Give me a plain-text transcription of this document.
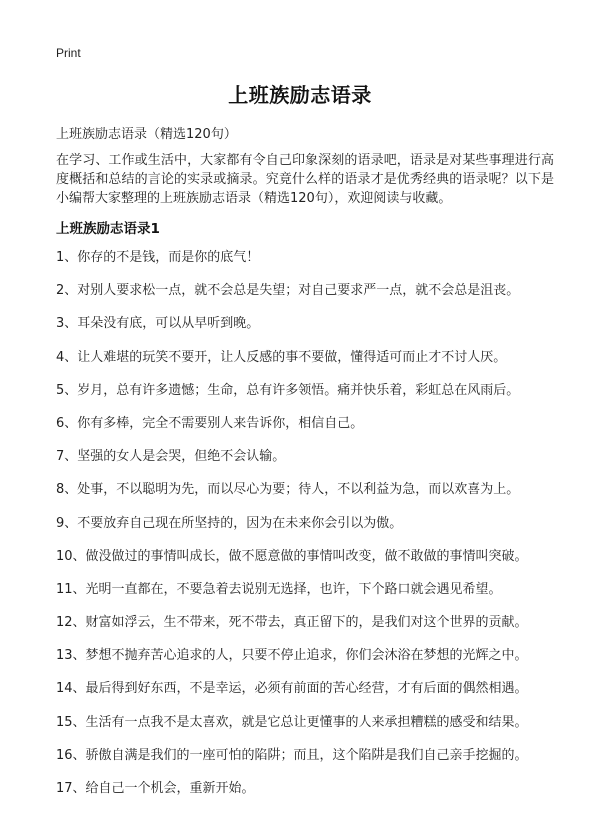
Print
上班族励志语录
上班族励志语录（精选120句）
在学习、工作或生活中，大家都有令自己印象深刻的语录吧，语录是对某些事理进行高度概括和总结的言论的实录或摘录。究竟什么样的语录才是优秀经典的语录呢？以下是小编帮大家整理的上班族励志语录（精选120句），欢迎阅读与收藏。
上班族励志语录1
1、你存的不是钱，而是你的底气！
2、对别人要求松一点，就不会总是失望；对自己要求严一点，就不会总是沮丧。
3、耳朵没有底，可以从早听到晚。
4、让人难堪的玩笑不要开，让人反感的事不要做，懂得适可而止才不讨人厌。
5、岁月，总有许多遗憾；生命，总有许多领悟。痛并快乐着，彩虹总在风雨后。
6、你有多棒，完全不需要别人来告诉你，相信自己。
7、坚强的女人是会哭，但绝不会认输。
8、处事，不以聪明为先，而以尽心为要；待人，不以利益为急，而以欢喜为上。
9、不要放弃自己现在所坚持的，因为在未来你会引以为傲。
10、做没做过的事情叫成长，做不愿意做的事情叫改变，做不敢做的事情叫突破。
11、光明一直都在，不要急着去说别无选择，也许，下个路口就会遇见希望。
12、财富如浮云，生不带来，死不带去，真正留下的，是我们对这个世界的贡献。
13、梦想不抛弃苦心追求的人，只要不停止追求，你们会沐浴在梦想的光辉之中。
14、最后得到好东西，不是幸运，必须有前面的苦心经营，才有后面的偶然相遇。
15、生活有一点我不是太喜欢，就是它总让更懂事的人来承担糟糕的感受和结果。
16、骄傲自满是我们的一座可怕的陷阱；而且，这个陷阱是我们自己亲手挖掘的。
17、给自己一个机会，重新开始。
